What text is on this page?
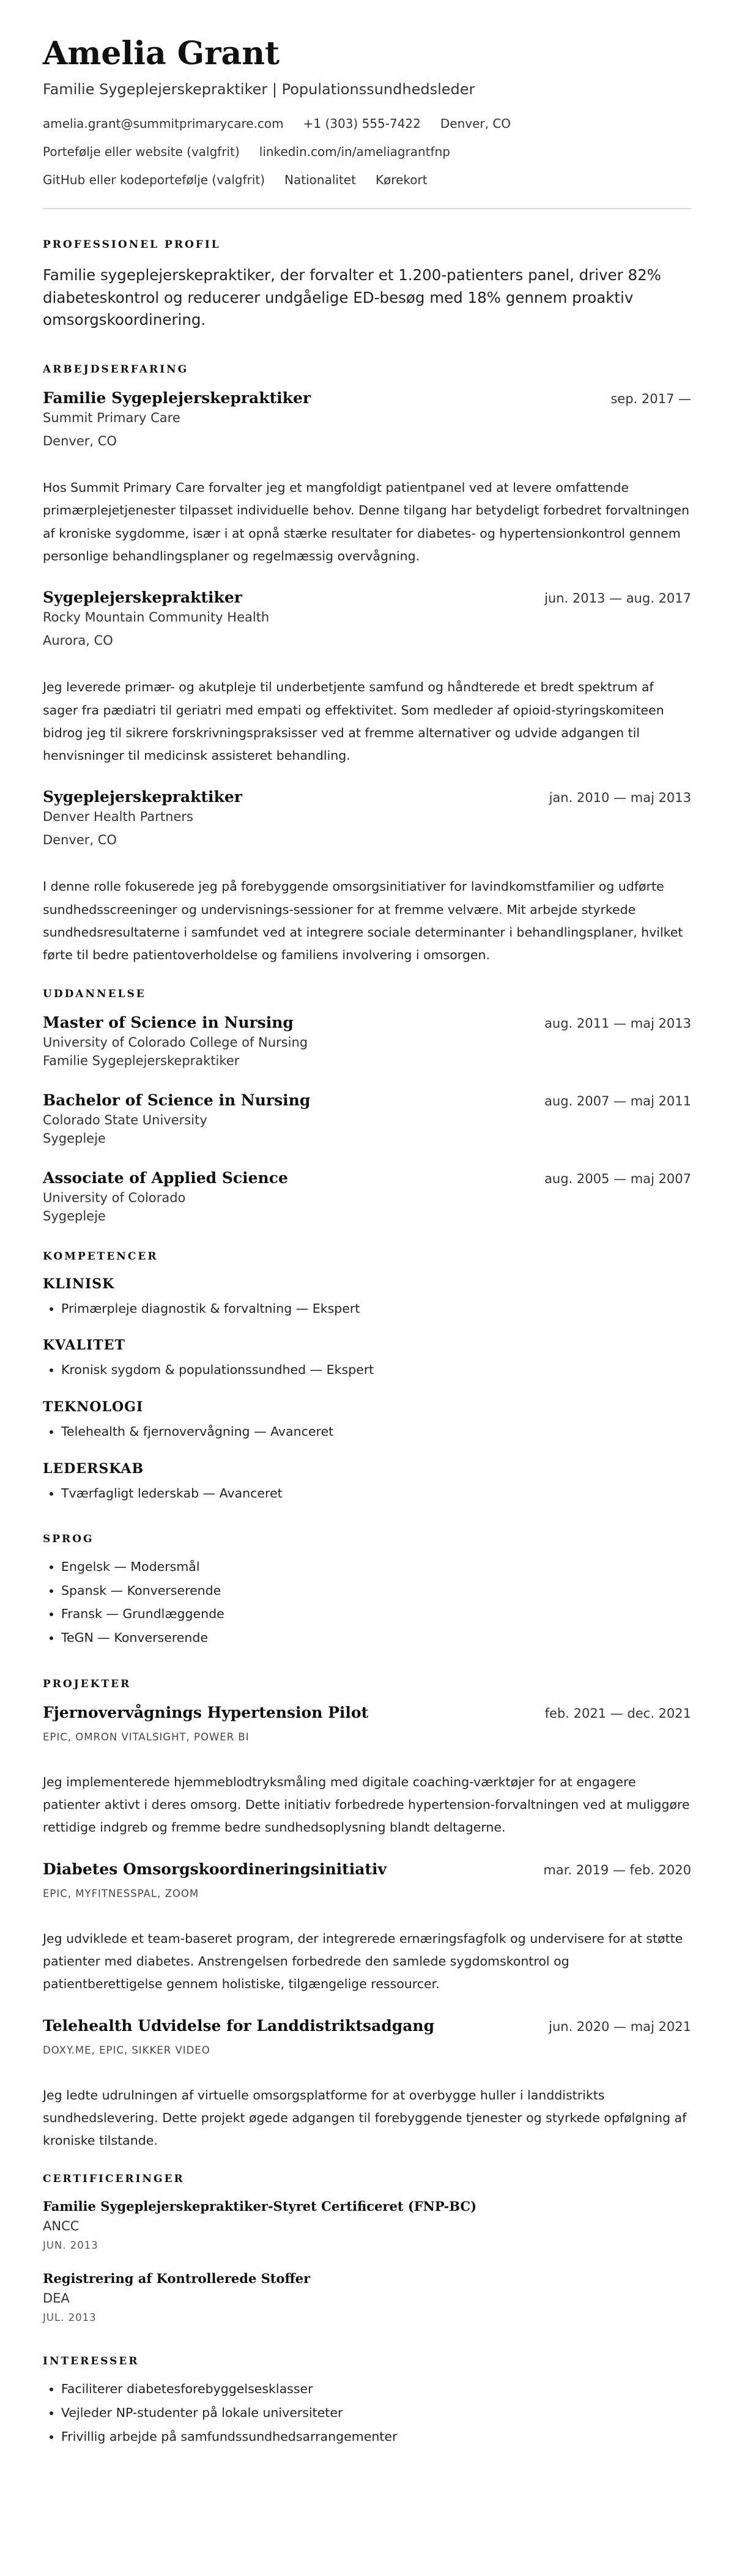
Amelia Grant
Familie Sygeplejerskepraktiker | Populationssundhedsleder
amelia.grant@summitprimarycare.com +1 (303) 555-7422 Denver, CO
Portefølje eller website (valgfrit) linkedin.com/in/ameliagrantfnp
GitHub eller kodeportefølje (valgfrit) Nationalitet Kørekort
PROFESSIONEL PROFIL

Familie sygeplejerskepraktiker, der forvalter et 1.200-patienters panel, driver 82% diabeteskontrol og reducerer undgåelige ED-besøg med 18% gennem proaktiv omsorgskoordinering.

ARBEJDSERFARING
Familie Sygeplejerskepraktiker	sep. 2017 —
Summit Primary Care
Denver, CO
Hos Summit Primary Care forvalter jeg et mangfoldigt patientpanel ved at levere omfattende primærplejetjenester tilpasset individuelle behov. Denne tilgang har betydeligt forbedret forvaltningen af kroniske sygdomme, især i at opnå stærke resultater for diabetes- og hypertensionkontrol gennem personlige behandlingsplaner og regelmæssig overvågning.
Sygeplejerskepraktiker	jun. 2013 — aug. 2017
Rocky Mountain Community Health
Aurora, CO
Jeg leverede primær- og akutpleje til underbetjente samfund og håndterede et bredt spektrum af sager fra pædiatri til geriatri med empati og effektivitet. Som medleder af opioid-styringskomiteen bidrog jeg til sikrere forskrivningspraksisser ved at fremme alternativer og udvide adgangen til henvisninger til medicinsk assisteret behandling.
Sygeplejerskepraktiker	jan. 2010 — maj 2013
Denver Health Partners
Denver, CO
I denne rolle fokuserede jeg på forebyggende omsorgsinitiativer for lavindkomstfamilier og udførte sundhedsscreeninger og undervisnings-sessioner for at fremme velvære. Mit arbejde styrkede sundhedsresultaterne i samfundet ved at integrere sociale determinanter i behandlingsplaner, hvilket førte til bedre patientoverholdelse og familiens involvering i omsorgen.
UDDANNELSE
Master of Science in Nursing	aug. 2011 — maj 2013
University of Colorado College of Nursing
Familie Sygeplejerskepraktiker
Bachelor of Science in Nursing	aug. 2007 — maj 2011
Colorado State University
Sygepleje
Associate of Applied Science	aug. 2005 — maj 2007
University of Colorado
Sygepleje
KOMPETENCER
KLINISK
• Primærpleje diagnostik & forvaltning — Ekspert
KVALITET
• Kronisk sygdom & populationssundhed — Ekspert
TEKNOLOGI
• Telehealth & fjernovervågning — Avanceret
LEDERSKAB
• Tværfagligt lederskab — Avanceret
SPROG
• Engelsk — Modersmål
• Spansk — Konverserende
• Fransk — Grundlæggende
• TeGN — Konverserende
PROJEKTER
Fjernovervågnings Hypertension Pilot	feb. 2021 — dec. 2021
EPIC, OMRON VITALSIGHT, POWER BI
Jeg implementerede hjemmeblodtryksmåling med digitale coaching-værktøjer for at engagere patienter aktivt i deres omsorg. Dette initiativ forbedrede hypertension-forvaltningen ved at muliggøre rettidige indgreb og fremme bedre sundhedsoplysning blandt deltagerne.
Diabetes Omsorgskoordineringsinitiativ	mar. 2019 — feb. 2020
EPIC, MYFITNESSPAL, ZOOM
Jeg udviklede et team-baseret program, der integrerede ernæringsfagfolk og undervisere for at støtte patienter med diabetes. Anstrengelsen forbedrede den samlede sygdomskontrol og patientberettigelse gennem holistiske, tilgængelige ressourcer.
Telehealth Udvidelse for Landdistriktsadgang	jun. 2020 — maj 2021
DOXY.ME, EPIC, SIKKER VIDEO
Jeg ledte udrulningen af virtuelle omsorgsplatforme for at overbygge huller i landdistrikts sundhedslevering. Dette projekt øgede adgangen til forebyggende tjenester og styrkede opfølgning af kroniske tilstande.
CERTIFICERINGER
Familie Sygeplejerskepraktiker-Styret Certificeret (FNP-BC)
ANCC
JUN. 2013
Registrering af Kontrollerede Stoffer
DEA
JUL. 2013
INTERESSER
• Faciliterer diabetesforebyggelsesklasser
• Vejleder NP-studenter på lokale universiteter
• Frivillig arbejde på samfundssundhedsarrangementer
